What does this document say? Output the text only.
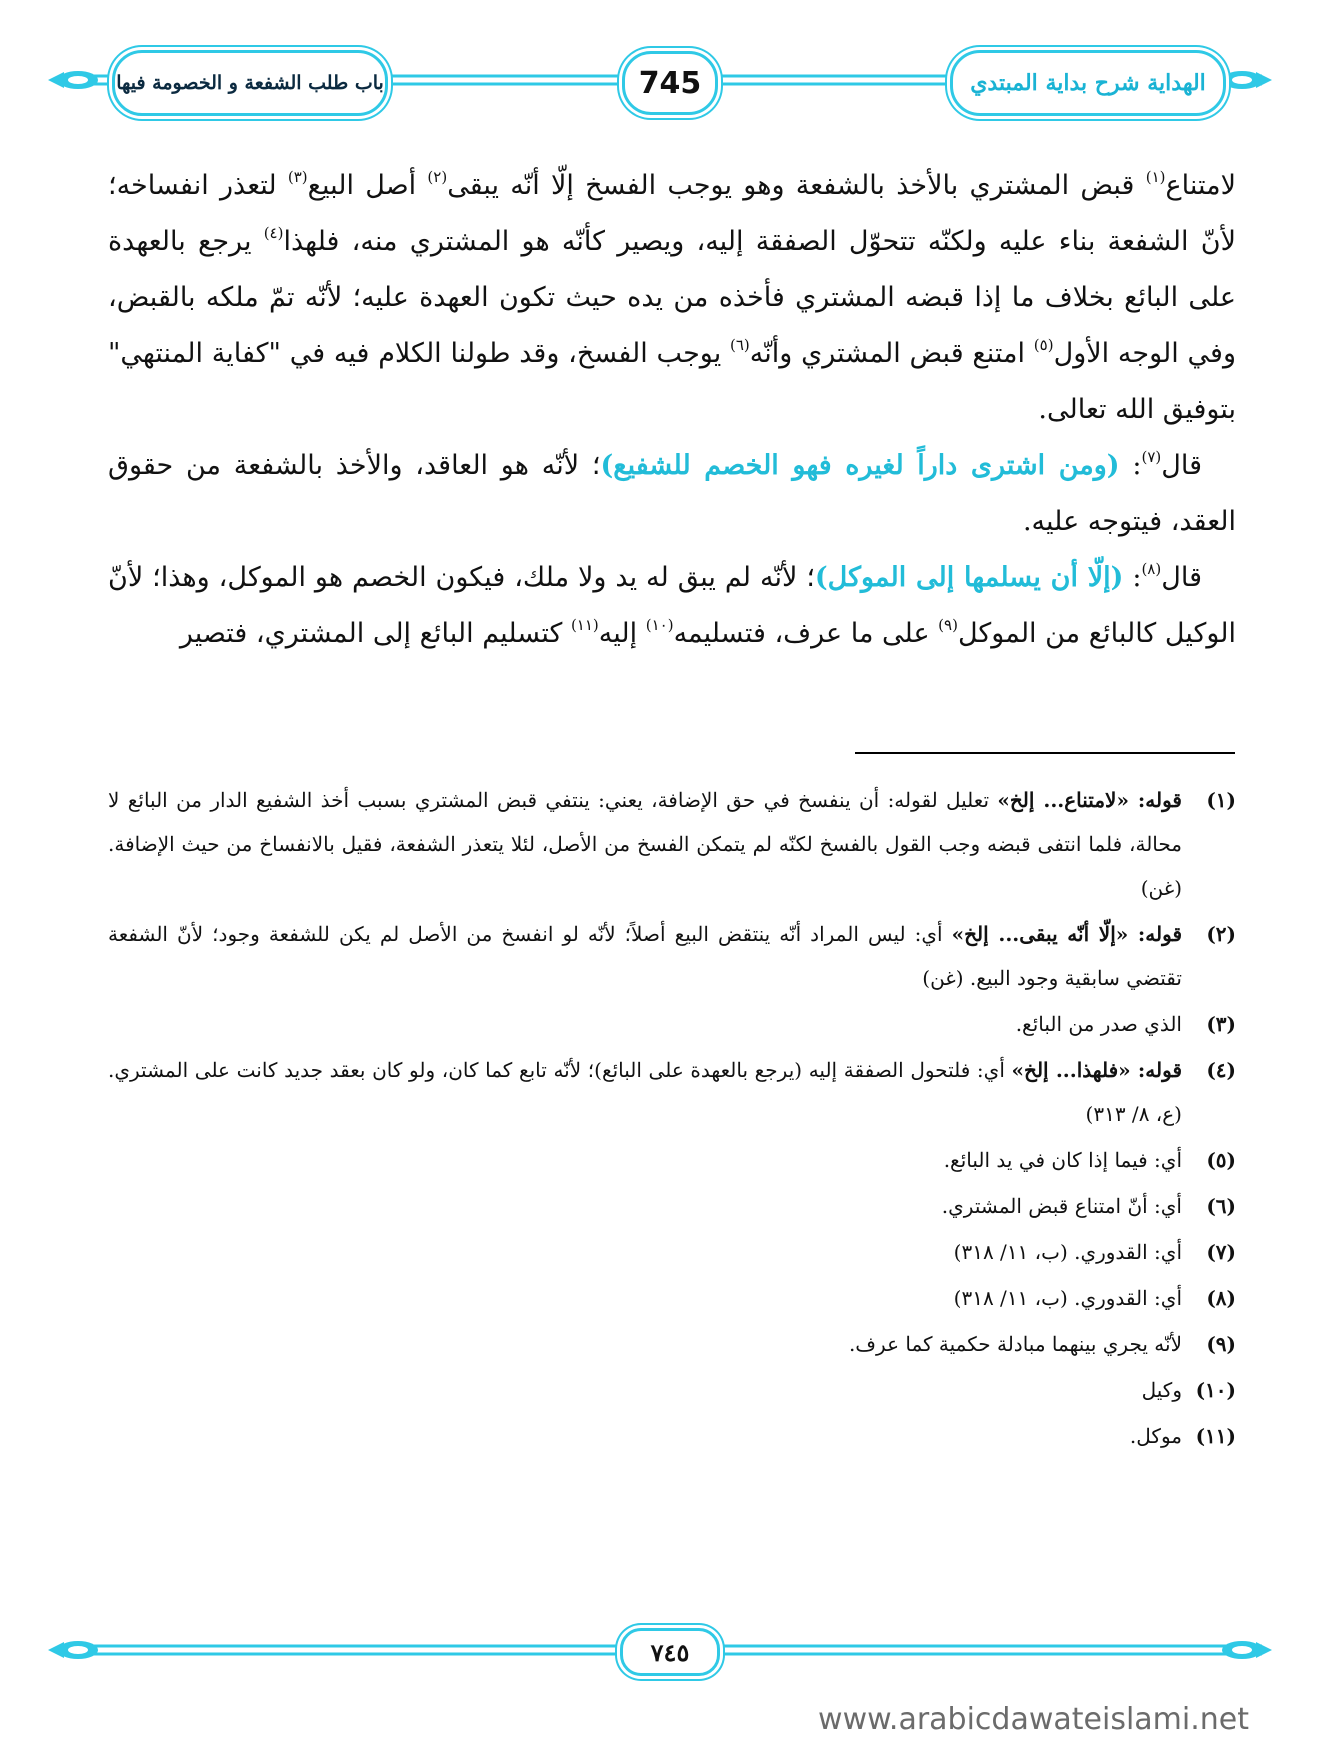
باب طلب الشفعة و الخصومة فيها	745	الهداية شرح بداية المبتدي

لامتناع$^{(١)}$ قبض المشتري بالأخذ بالشفعة وهو يوجب الفسخ إلّا أنّه يبقى$^{(٢)}$ أصل البيع$^{(٣)}$ لتعذر انفساخه؛ لأنّ الشفعة بناء عليه ولكنّه تتحوّل الصفقة إليه، ويصير كأنّه هو المشتري منه، فلهذا$^{(٤)}$ يرجع بالعهدة على البائع بخلاف ما إذا قبضه المشتري فأخذه من يده حيث تكون العهدة عليه؛ لأنّه تمّ ملكه بالقبض، وفي الوجه الأول$^{(٥)}$ امتنع قبض المشتري وأنّه$^{(٦)}$ يوجب الفسخ، وقد طولنا الكلام فيه في "كفاية المنتهي" بتوفيق الله تعالى.

قال$^{(٧)}$: (ومن اشترى داراً لغيره فهو الخصم للشفيع)؛ لأنّه هو العاقد، والأخذ بالشفعة من حقوق العقد، فيتوجه عليه.

قال$^{(٨)}$: (إلّا أن يسلمها إلى الموكل)؛ لأنّه لم يبق له يد ولا ملك، فيكون الخصم هو الموكل، وهذا؛ لأنّ الوكيل كالبائع من الموكل$^{(٩)}$ على ما عرف، فتسليمه$^{(١٠)}$ إليه$^{(١١)}$ كتسليم البائع إلى المشتري، فتصير

(١)
قوله: «لامتناع... إلخ» تعليل لقوله: أن ينفسخ في حق الإضافة، يعني: ينتفي قبض المشتري بسبب أخذ الشفيع الدار من البائع لا محالة، فلما انتفى قبضه وجب القول بالفسخ لكنّه لم يتمكن الفسخ من الأصل، لئلا يتعذر الشفعة، فقيل بالانفساخ من حيث الإضافة. (غن)
(٢)
قوله: «إلّا أنّه يبقى... إلخ» أي: ليس المراد أنّه ينتقض البيع أصلاً؛ لأنّه لو انفسخ من الأصل لم يكن للشفعة وجود؛ لأنّ الشفعة تقتضي سابقية وجود البيع. (غن)
(٣)
الذي صدر من البائع.
(٤)
قوله: «فلهذا... إلخ» أي: فلتحول الصفقة إليه (يرجع بالعهدة على البائع)؛ لأنّه تابع كما كان، ولو كان بعقد جديد كانت على المشتري. (ع، ٨/ ٣١٣)
(٥)
أي: فيما إذا كان في يد البائع.
(٦)
أي: أنّ امتناع قبض المشتري.
(٧)
أي: القدوري. (ب، ١١/ ٣١٨)
(٨)
أي: القدوري. (ب، ١١/ ٣١٨)
(٩)
لأنّه يجري بينهما مبادلة حكمية كما عرف.
(١٠)
وكيل
(١١)
موكل.
٧٤٥
www.arabicdawateislami.net
